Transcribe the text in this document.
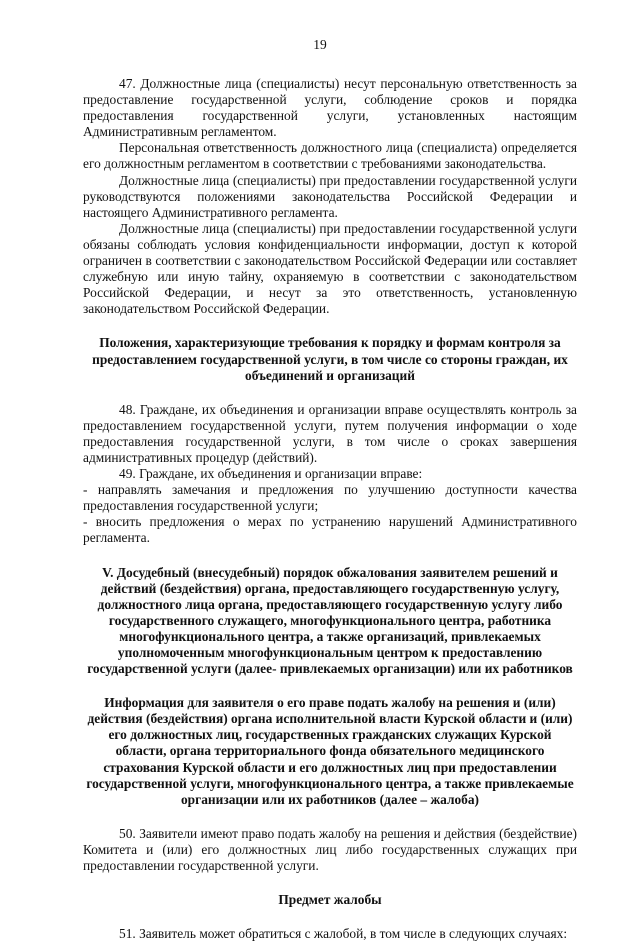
19

47. Должностные лица (специалисты) несут персональную ответственность за предоставление государственной услуги, соблюдение сроков и порядка предоставления государственной услуги, установленных настоящим Административным регламентом.

Персональная ответственность должностного лица (специалиста) определяется его должностным регламентом в соответствии с требованиями законодательства.

Должностные лица (специалисты) при предоставлении государственной услуги руководствуются положениями законодательства Российской Федерации и настоящего Административного регламента.

Должностные лица (специалисты) при предоставлении государственной услуги обязаны соблюдать условия конфиденциальности информации, доступ к которой ограничен в соответствии с законодательством Российской Федерации или составляет служебную или иную тайну, охраняемую в соответствии с законодательством Российской Федерации, и несут за это ответственность, установленную законодательством Российской Федерации.

Положения, характеризующие требования к порядку и формам контроля за предоставлением государственной услуги, в том числе со стороны граждан, их объединений и организаций

48. Граждане, их объединения и организации вправе осуществлять контроль за предоставлением государственной услуги, путем получения информации о ходе предоставления государственной услуги, в том числе о сроках завершения административных процедур (действий).

49. Граждане, их объединения и организации вправе:

- направлять замечания и предложения по улучшению доступности качества предоставления государственной услуги;

- вносить предложения о мерах по устранению нарушений Административного регламента.

V. Досудебный (внесудебный) порядок обжалования заявителем решений и действий (бездействия) органа, предоставляющего государственную услугу, должностного лица органа, предоставляющего государственную услугу либо государственного служащего, многофункционального центра, работника многофункционального центра, а также организаций, привлекаемых уполномоченным многофункциональным центром к предоставлению государственной услуги (далее- привлекаемых организации) или их работников
Информация для заявителя о его праве подать жалобу на решения и (или) действия (бездействия) органа исполнительной власти Курской области и (или) его должностных лиц, государственных гражданских служащих Курской области, органа территориального фонда обязательного медицинского страхования Курской области и его должностных лиц при предоставлении государственной услуги, многофункционального центра, а также привлекаемые организации или их работников (далее – жалоба)

50. Заявители имеют право подать жалобу на решения и действия (бездействие) Комитета и (или) его должностных лиц либо государственных служащих при предоставлении государственной услуги.

Предмет жалобы

51. Заявитель может обратиться с жалобой, в том числе в следующих случаях:
